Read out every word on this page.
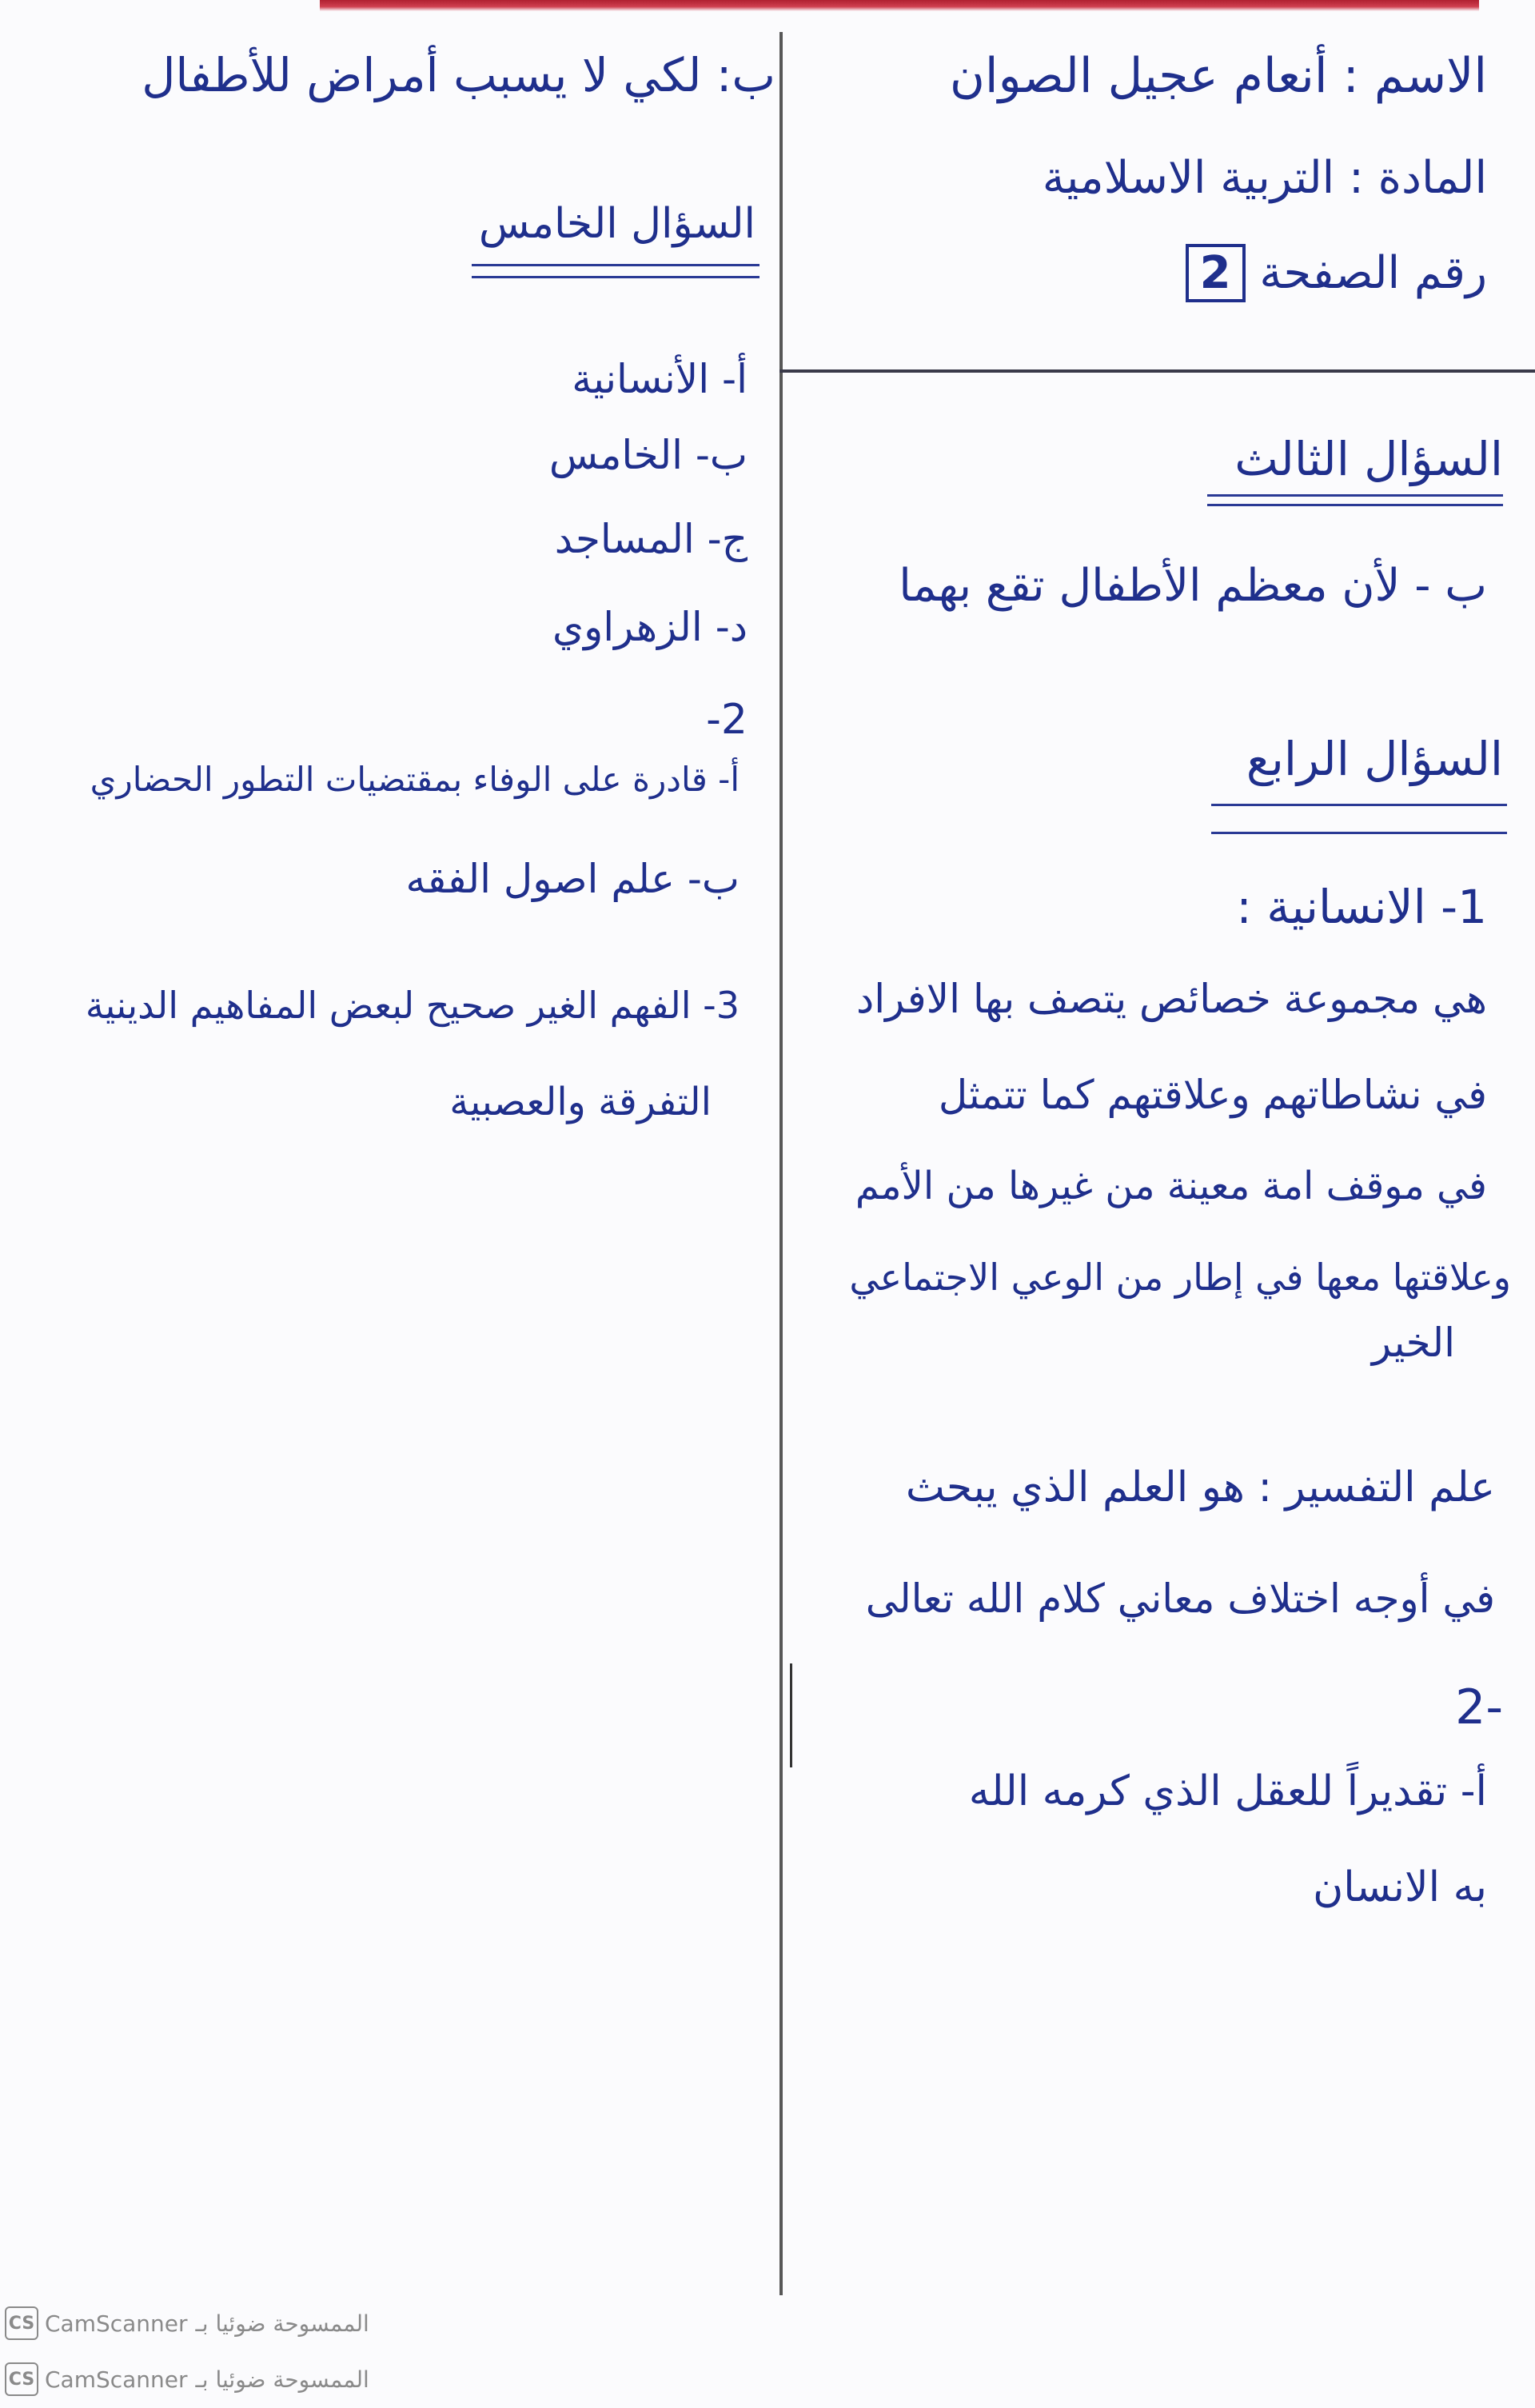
الاسم : أنعام عجيل الصوان
المادة : التربية الاسلامية
رقم الصفحة 2
السؤال الثالث
ب - لأن معظم الأطفال تقع بهما
السؤال الرابع
1- الانسانية :
هي مجموعة خصائص يتصف بها الافراد
في نشاطاتهم وعلاقتهم كما تتمثل
في موقف امة معينة من غيرها من الأمم
وعلاقتها معها في إطار من الوعي الاجتماعي
الخير
علم التفسير : هو العلم الذي يبحث
في أوجه اختلاف معاني كلام الله تعالى
-2
أ- تقديراً للعقل الذي كرمه الله
به الانسان
ب: لكي لا يسبب أمراض للأطفال
السؤال الخامس
أ- الأنسانية
ب- الخامس
ج- المساجد
د- الزهراوي
2-
أ- قادرة على الوفاء بمقتضيات التطور الحضاري
ب- علم اصول الفقه
3- الفهم الغير صحيح لبعض المفاهيم الدينية
التفرقة والعصبية
CS CamScanner الممسوحة ضوئيا بـ
CS CamScanner الممسوحة ضوئيا بـ
